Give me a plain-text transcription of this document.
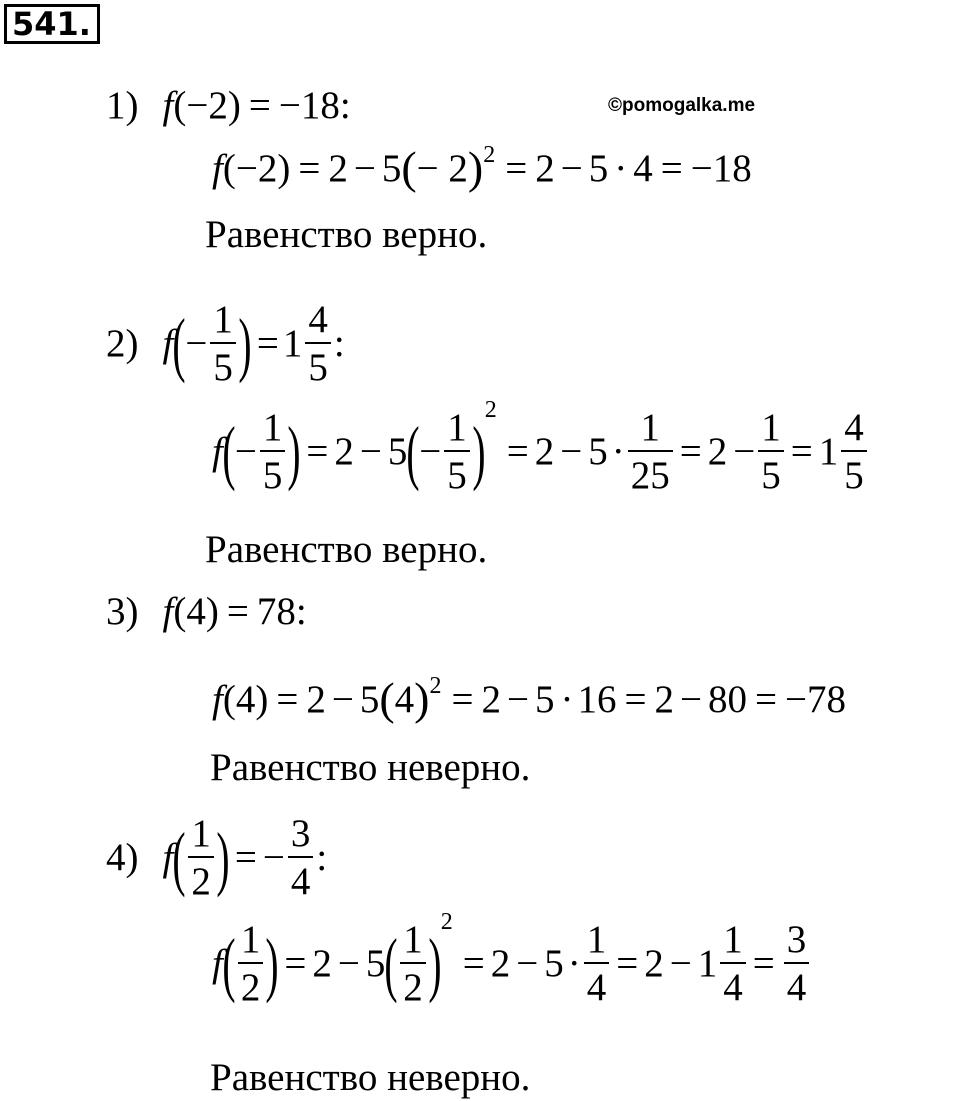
541.
©pomogalka.me
1) f ( −2 ) = −18 :
f ( −2 ) = 2 − 5 ( − 2 ) 2 = 2 − 5 · 4 = −18
Равенство верно.
2) f ( − $\frac{1}{5}$ ) = $1 \frac{4}{5}$ :
f ( − $\frac{1}{5}$ ) = 2 − 5 ( − $\frac{1}{5}$ )
2
= $2 - 5 \cdot \frac{1}{25} = 2 - \frac{1}{5} = 1 \frac{4}{5}$
Равенство верно.
3) f ( 4 ) = 78 :
f ( 4 ) = 2 − 5 ( 4 ) 2 = 2 − 5 · 16 = 2 − 80 = −78
Равенство неверно.
4) f ( $\frac{1}{2}$ ) = − $\frac{3}{4}$ :
f ( $\frac{1}{2}$ ) = 2 − 5 ( $\frac{1}{2}$ )
2
= $2 - 5 \cdot \frac{1}{4} = 2 - 1 \frac{1}{4} = \frac{3}{4}$
Равенство неверно.
